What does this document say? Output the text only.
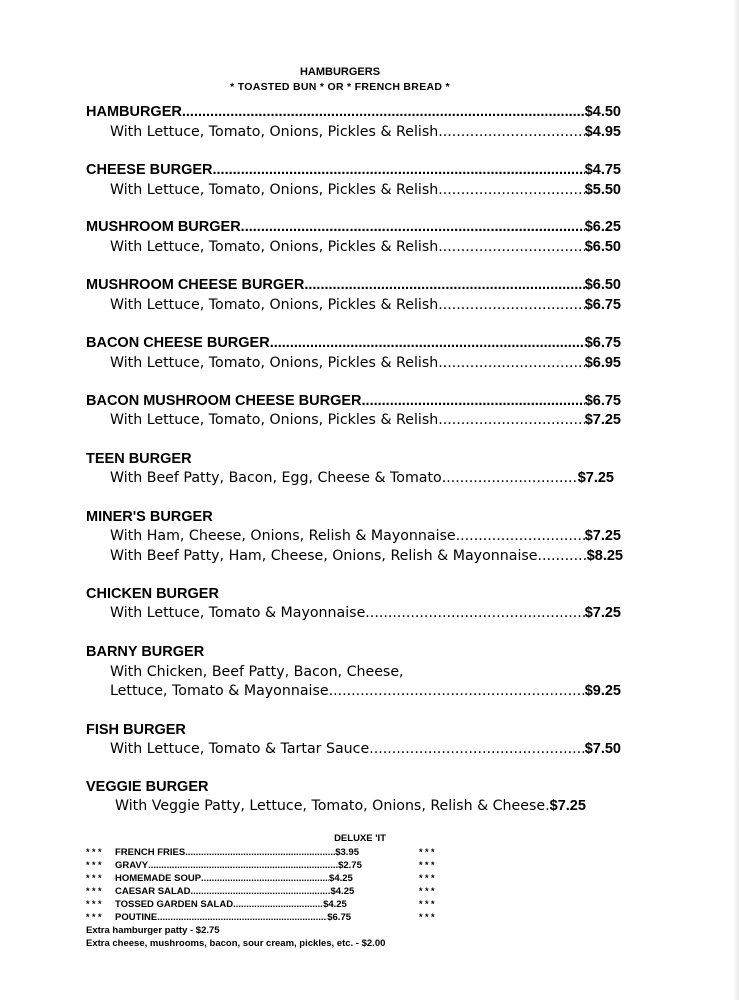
HAMBURGERS
* TOASTED BUN * OR * FRENCH BREAD *
HAMBURGER .....	$4.50
With Lettuce, Tomato, Onions, Pickles & Relish .....	$4.95
CHEESE BURGER .....	$4.75
With Lettuce, Tomato, Onions, Pickles & Relish .....	$5.50
MUSHROOM BURGER .....	$6.25
With Lettuce, Tomato, Onions, Pickles & Relish .....	$6.50
MUSHROOM CHEESE BURGER .....	$6.50
With Lettuce, Tomato, Onions, Pickles & Relish .....	$6.75
BACON CHEESE BURGER .....	$6.75
With Lettuce, Tomato, Onions, Pickles & Relish .....	$6.95
BACON MUSHROOM CHEESE BURGER .....	$6.75
With Lettuce, Tomato, Onions, Pickles & Relish .....	$7.25
TEEN BURGER
With Beef Patty, Bacon, Egg, Cheese & Tomato .....	$7.25
MINER'S BURGER
With Ham, Cheese, Onions, Relish & Mayonnaise .....	$7.25
With Beef Patty, Ham, Cheese, Onions, Relish & Mayonnaise .....	$8.25
CHICKEN BURGER
With Lettuce, Tomato & Mayonnaise .....	$7.25
BARNY BURGER
With Chicken, Beef Patty, Bacon, Cheese,
Lettuce, Tomato & Mayonnaise .....	$9.25
FISH BURGER
With Lettuce, Tomato & Tartar Sauce .....	$7.50
VEGGIE BURGER
With Veggie Patty, Lettuce, Tomato, Onions, Relish & Cheese. $7.25
DELUXE 'IT
* * *	FRENCH FRIES .....	$3.95	* * *
* * *	GRAVY .....	$2.75	* * *
* * *	HOMEMADE SOUP .....	$4.25	* * *
* * *	CAESAR SALAD .....	$4.25	* * *
* * *	TOSSED GARDEN SALAD .....	$4.25	* * *
* * *	POUTINE .....	$6.75	* * *
Extra hamburger patty - $2.75
Extra cheese, mushrooms, bacon, sour cream, pickles, etc. - $2.00
